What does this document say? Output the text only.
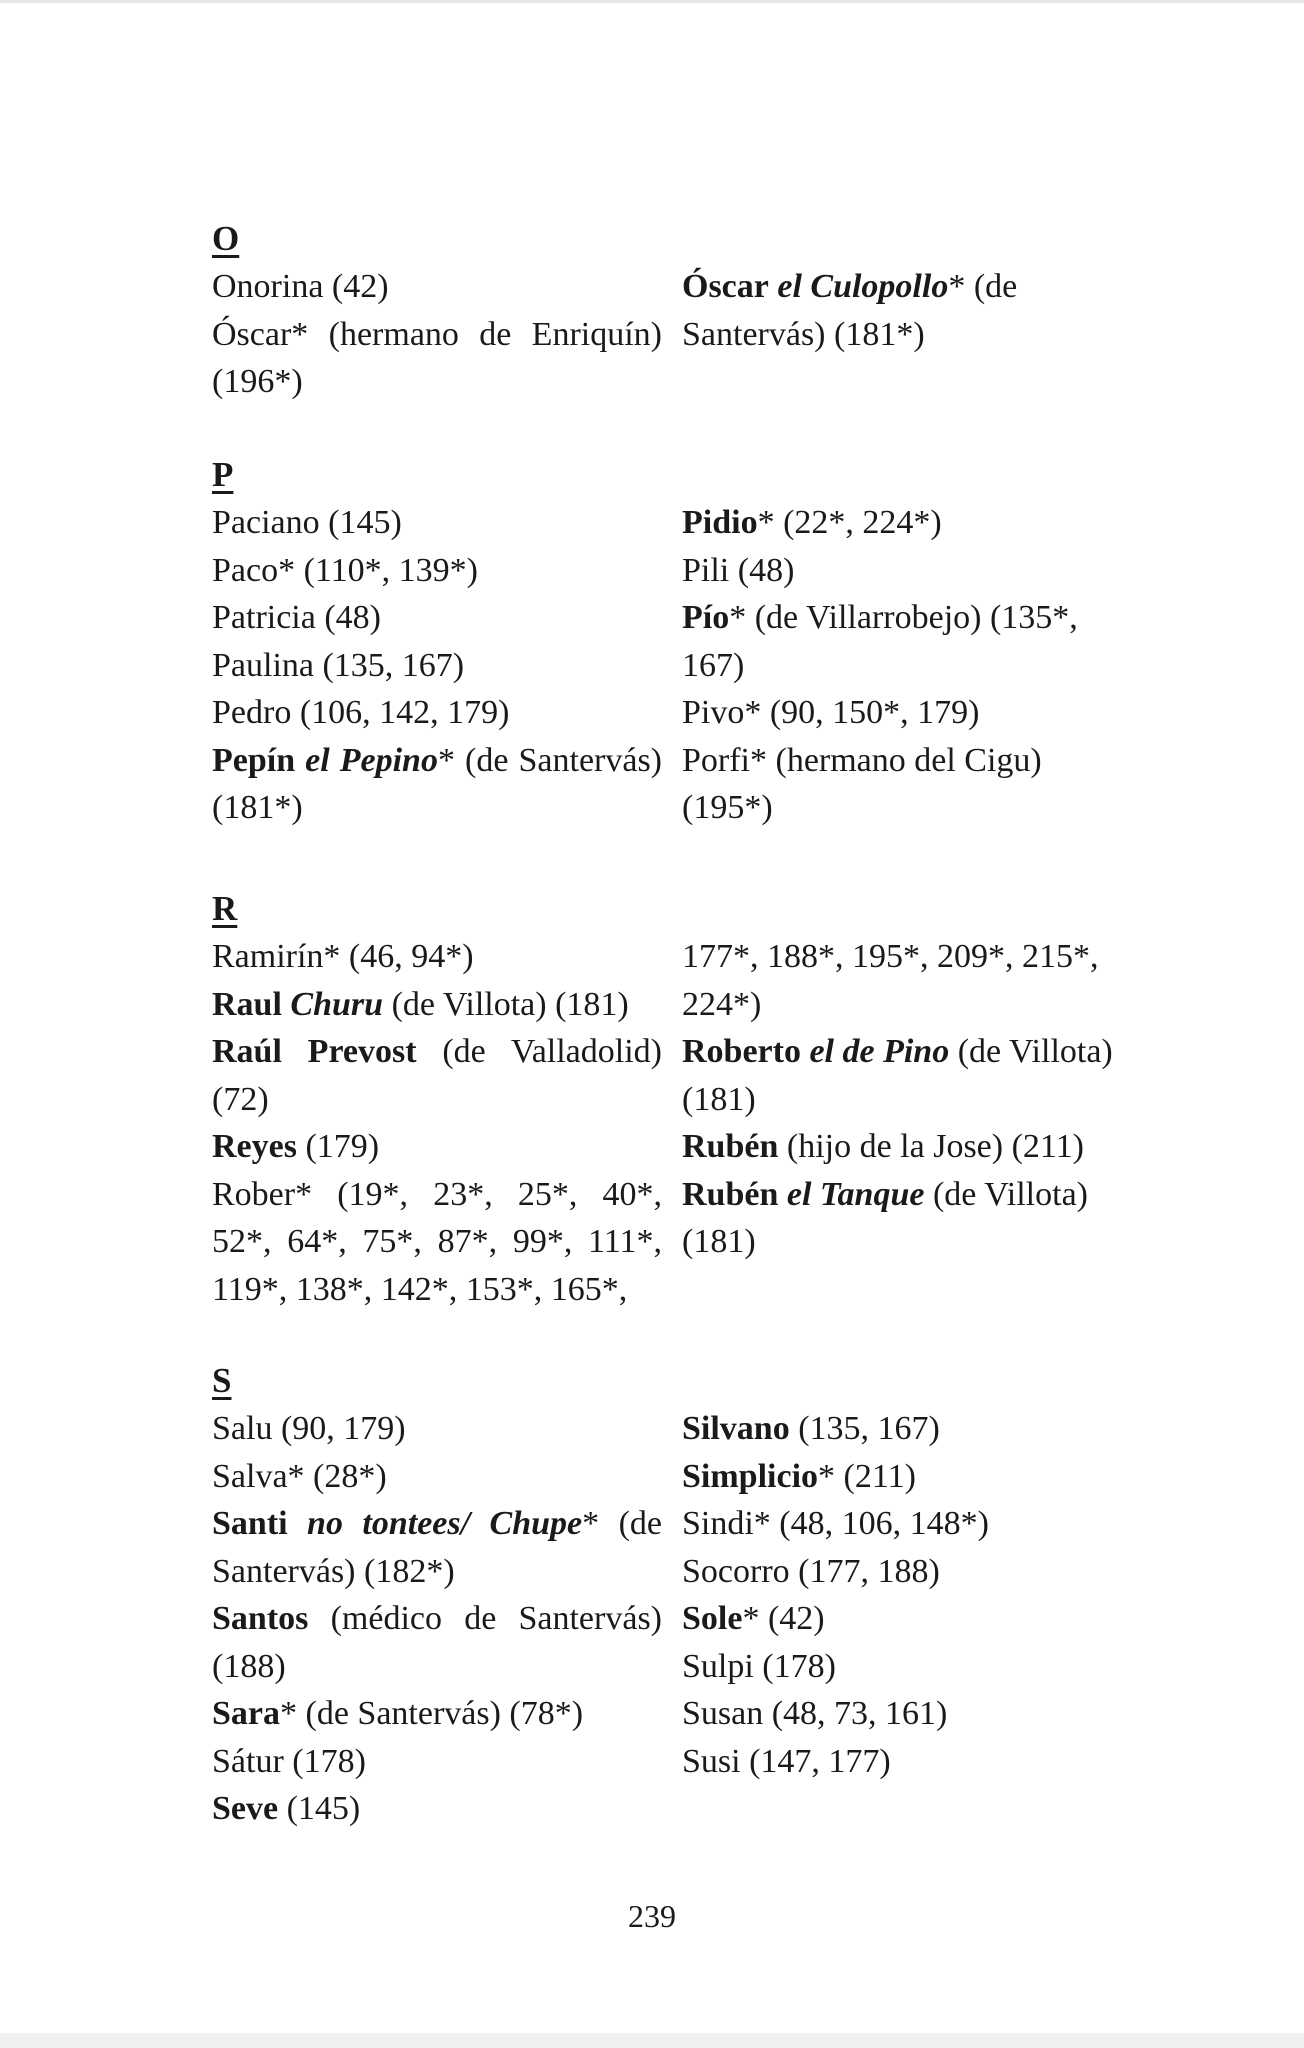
O

Onorina (42)

Óscar* (hermano de Enriquín) (196*)

Óscar el Culopollo* (de Santervás) (181*)

P

Paciano (145)

Paco* (110*, 139*)

Patricia (48)

Paulina (135, 167)

Pedro (106, 142, 179)

Pepín el Pepino* (de Santervás) (181*)

Pidio* (22*, 224*)

Pili (48)

Pío* (de Villarrobejo) (135*, 167)

Pivo* (90, 150*, 179)

Porfi* (hermano del Cigu) (195*)

R

Ramirín* (46, 94*)

Raul Churu (de Villota) (181)

Raúl Prevost (de Valladolid) (72)

Reyes (179)

Rober* (19*, 23*, 25*, 40*, 52*, 64*, 75*, 87*, 99*, 111*, 119*, 138*, 142*, 153*, 165*,

177*, 188*, 195*, 209*, 215*, 224*)

Roberto el de Pino (de Villota) (181)

Rubén (hijo de la Jose) (211)

Rubén el Tanque (de Villota) (181)

S

Salu (90, 179)

Salva* (28*)

Santi no tontees/ Chupe* (de Santervás) (182*)

Santos (médico de Santervás) (188)

Sara* (de Santervás) (78*)

Sátur (178)

Seve (145)

Silvano (135, 167)

Simplicio* (211)

Sindi* (48, 106, 148*)

Socorro (177, 188)

Sole* (42)

Sulpi (178)

Susan (48, 73, 161)

Susi (147, 177)

239
